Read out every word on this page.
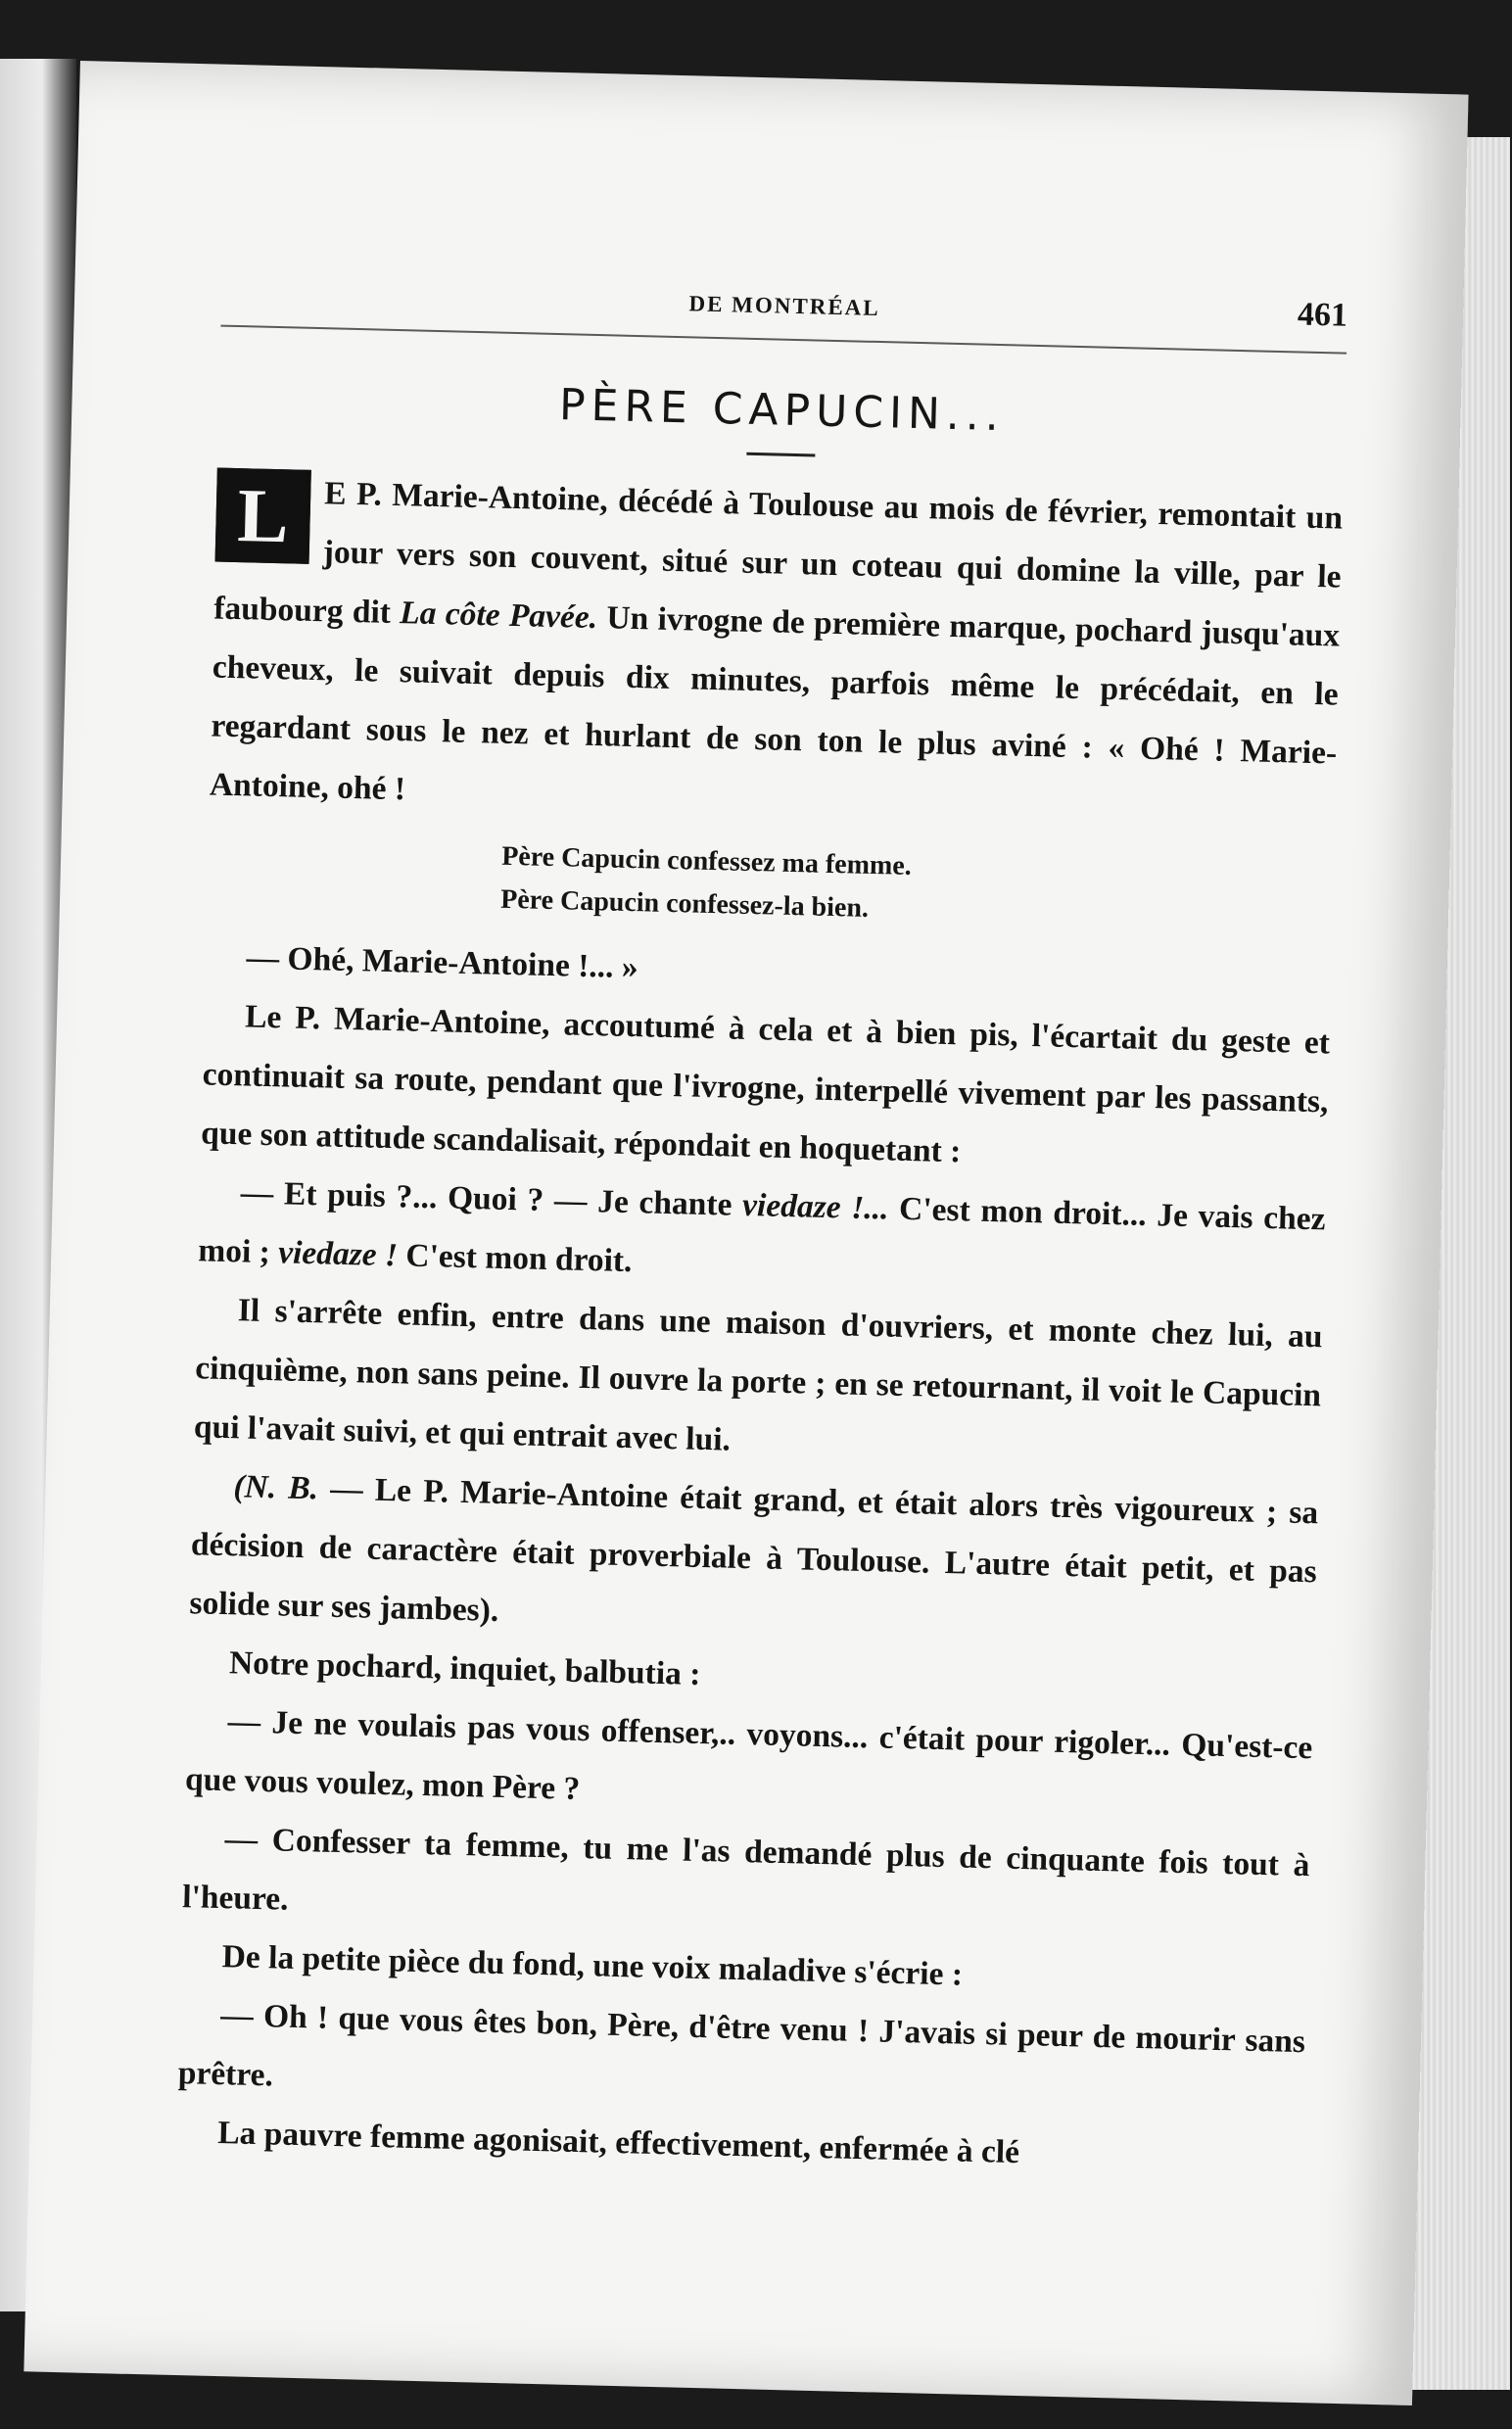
DE MONTRÉAL	461
PÈRE CAPUCIN...

L	E P. Marie-Antoine, décédé à Toulouse au mois de février, remontait un jour vers son couvent, situé sur un coteau qui domine la ville, par le faubourg dit La côte Pavée. Un ivrogne de première marque, pochard jusqu'aux cheveux, le suivait depuis dix minutes, parfois même le précédait, en le regardant sous le nez et hurlant de son ton le plus aviné : « Ohé ! Marie-Antoine, ohé !

Père Capucin confessez ma femme.
Père Capucin confessez-la bien.

— Ohé, Marie-Antoine !... »

Le P. Marie-Antoine, accoutumé à cela et à bien pis, l'écartait du geste et continuait sa route, pendant que l'ivrogne, interpellé vivement par les passants, que son attitude scandalisait, répondait en hoquetant :

— Et puis ?... Quoi ? — Je chante viedaze !... C'est mon droit... Je vais chez moi ; viedaze ! C'est mon droit.

Il s'arrête enfin, entre dans une maison d'ouvriers, et monte chez lui, au cinquième, non sans peine. Il ouvre la porte ; en se retournant, il voit le Capucin qui l'avait suivi, et qui entrait avec lui.

(N. B. — Le P. Marie-Antoine était grand, et était alors très vigoureux ; sa décision de caractère était proverbiale à Toulouse. L'autre était petit, et pas solide sur ses jambes).

Notre pochard, inquiet, balbutia :

— Je ne voulais pas vous offenser,.. voyons... c'était pour rigoler... Qu'est-ce que vous voulez, mon Père ?

— Confesser ta femme, tu me l'as demandé plus de cinquante fois tout à l'heure.

De la petite pièce du fond, une voix maladive s'écrie :

— Oh ! que vous êtes bon, Père, d'être venu ! J'avais si peur de mourir sans prêtre.

La pauvre femme agonisait, effectivement, enfermée à clé
